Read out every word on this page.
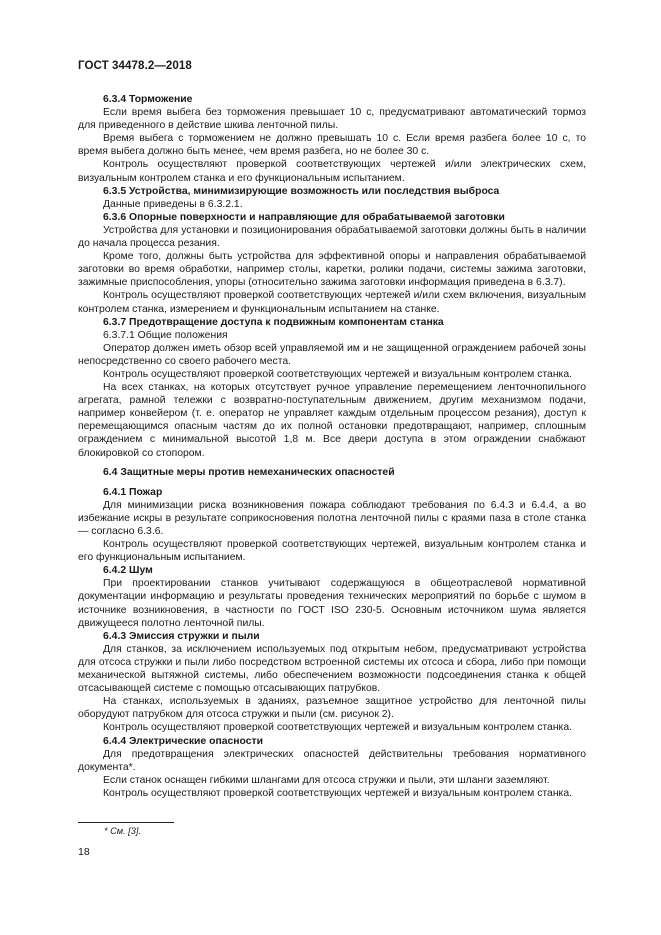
ГОСТ 34478.2—2018

6.3.4 Торможение

Если время выбега без торможения превышает 10 с, предусматривают автоматический тормоз для приведенного в действие шкива ленточной пилы.

Время выбега с торможением не должно превышать 10 с. Если время разбега более 10 с, то время выбега должно быть менее, чем время разбега, но не более 30 с.

Контроль осуществляют проверкой соответствующих чертежей и/или электрических схем, визуальным контролем станка и его функциональным испытанием.

6.3.5 Устройства, минимизирующие возможность или последствия выброса

Данные приведены в 6.3.2.1.

6.3.6 Опорные поверхности и направляющие для обрабатываемой заготовки

Устройства для установки и позиционирования обрабатываемой заготовки должны быть в наличии до начала процесса резания.

Кроме того, должны быть устройства для эффективной опоры и направления обрабатываемой заготовки во время обработки, например столы, каретки, ролики подачи, системы зажима заготовки, зажимные приспособления, упоры (относительно зажима заготовки информация приведена в 6.3.7).

Контроль осуществляют проверкой соответствующих чертежей и/или схем включения, визуальным контролем станка, измерением и функциональным испытанием на станке.

6.3.7 Предотвращение доступа к подвижным компонентам станка

6.3.7.1 Общие положения

Оператор должен иметь обзор всей управляемой им и не защищенной ограждением рабочей зоны непосредственно со своего рабочего места.

Контроль осуществляют проверкой соответствующих чертежей и визуальным контролем станка.

На всех станках, на которых отсутствует ручное управление перемещением ленточнопильного агрегата, рамной тележки с возвратно-поступательным движением, другим механизмом подачи, например конвейером (т. е. оператор не управляет каждым отдельным процессом резания), доступ к перемещающимся опасным частям до их полной остановки предотвращают, например, сплошным ограждением с минимальной высотой 1,8 м. Все двери доступа в этом ограждении снабжают блокировкой со стопором.

6.4 Защитные меры против немеханических опасностей

6.4.1 Пожар

Для минимизации риска возникновения пожара соблюдают требования по 6.4.3 и 6.4.4, а во избежание искры в результате соприкосновения полотна ленточной пилы с краями паза в столе станка — согласно 6.3.6.

Контроль осуществляют проверкой соответствующих чертежей, визуальным контролем станка и его функциональным испытанием.

6.4.2 Шум

При проектировании станков учитывают содержащуюся в общеотраслевой нормативной документации информацию и результаты проведения технических мероприятий по борьбе с шумом в источнике возникновения, в частности по ГОСТ ISO 230-5. Основным источником шума является движущееся полотно ленточной пилы.

6.4.3 Эмиссия стружки и пыли

Для станков, за исключением используемых под открытым небом, предусматривают устройства для отсоса стружки и пыли либо посредством встроенной системы их отсоса и сбора, либо при помощи механической вытяжной системы, либо обеспечением возможности подсоединения станка к общей отсасывающей системе с помощью отсасывающих патрубков.

На станках, используемых в зданиях, разъемное защитное устройство для ленточной пилы оборудуют патрубком для отсоса стружки и пыли (см. рисунок 2).

Контроль осуществляют проверкой соответствующих чертежей и визуальным контролем станка.

6.4.4 Электрические опасности

Для предотвращения электрических опасностей действительны требования нормативного документа*.

Если станок оснащен гибкими шлангами для отсоса стружки и пыли, эти шланги заземляют.

Контроль осуществляют проверкой соответствующих чертежей и визуальным контролем станка.

* См. [3].
18
